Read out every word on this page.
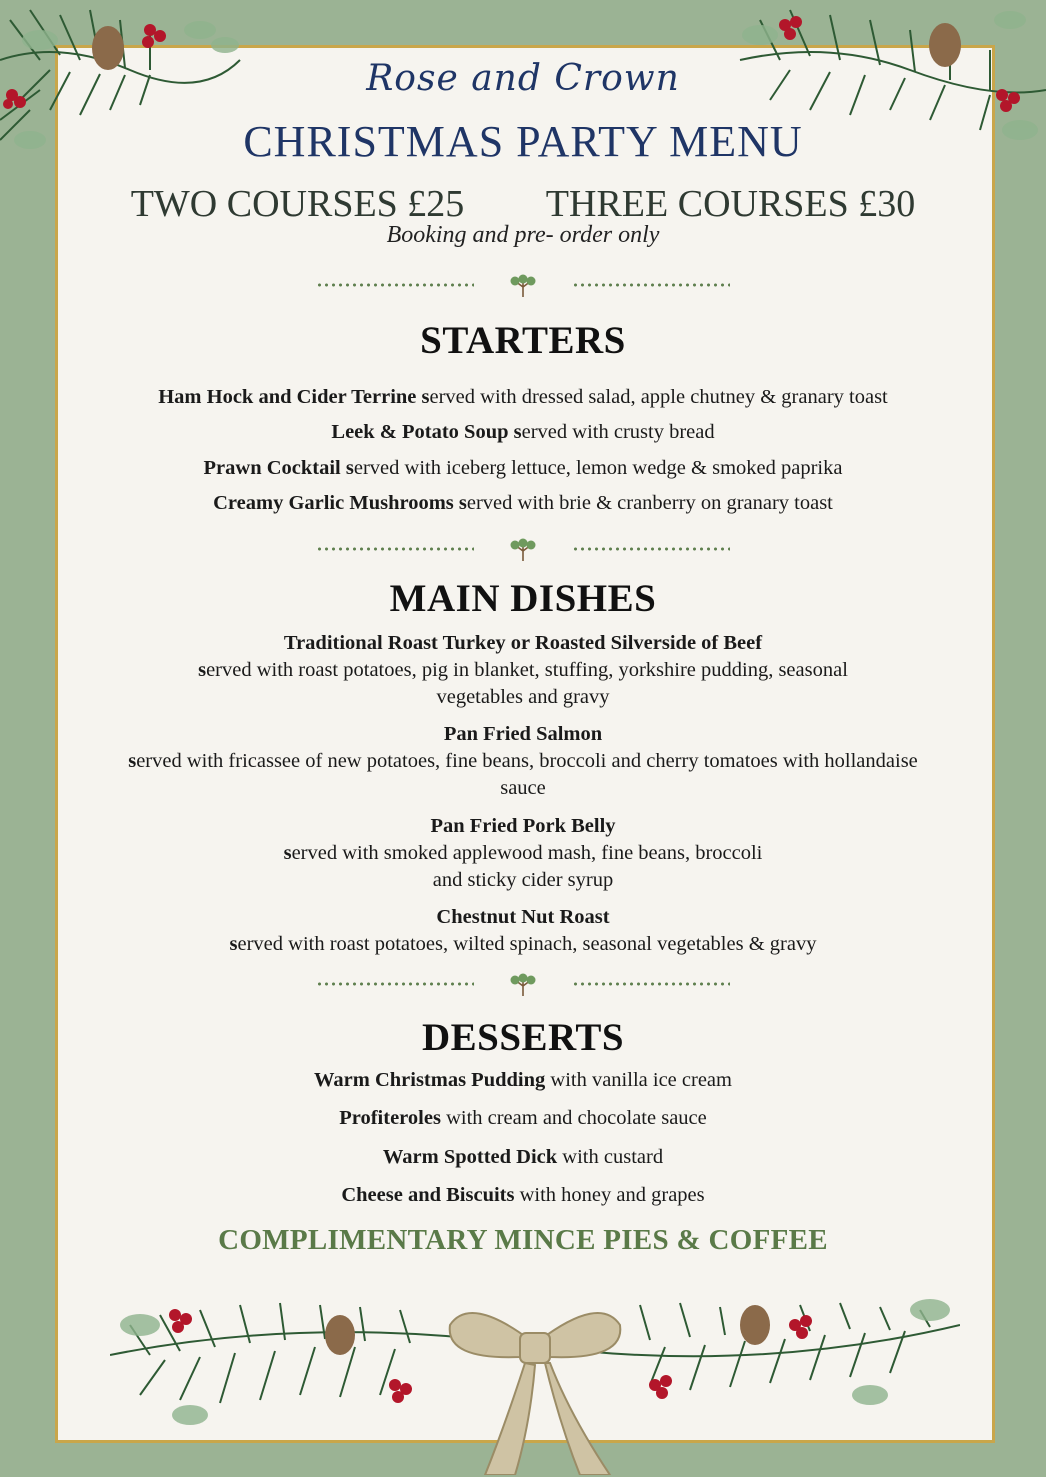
Rose and Crown
CHRISTMAS PARTY MENU
TWO COURSES £25 THREE COURSES £30
Booking and pre- order only

STARTERS
Ham Hock and Cider Terrine served with dressed salad, apple chutney & granary toast
Leek & Potato Soup served with crusty bread
Prawn Cocktail served with iceberg lettuce, lemon wedge & smoked paprika
Creamy Garlic Mushrooms served with brie & cranberry on granary toast

MAIN DISHES
Traditional Roast Turkey or Roasted Silverside of Beef
served with roast potatoes, pig in blanket, stuffing, yorkshire pudding, seasonal
vegetables and gravy
Pan Fried Salmon
served with fricassee of new potatoes, fine beans, broccoli and cherry tomatoes with hollandaise
sauce
Pan Fried Pork Belly
served with smoked applewood mash, fine beans, broccoli
and sticky cider syrup
Chestnut Nut Roast
served with roast potatoes, wilted spinach, seasonal vegetables & gravy

DESSERTS
Warm Christmas Pudding with vanilla ice cream
Profiteroles with cream and chocolate sauce
Warm Spotted Dick with custard
Cheese and Biscuits with honey and grapes
COMPLIMENTARY MINCE PIES & COFFEE
